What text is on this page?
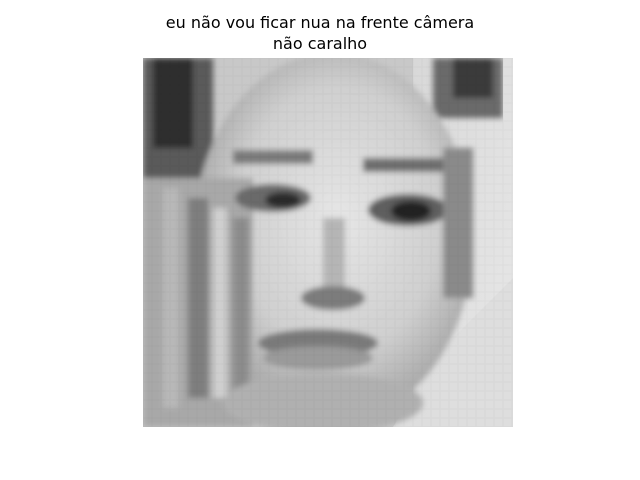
eu não vou ficar nua na frente câmera
não caralho
